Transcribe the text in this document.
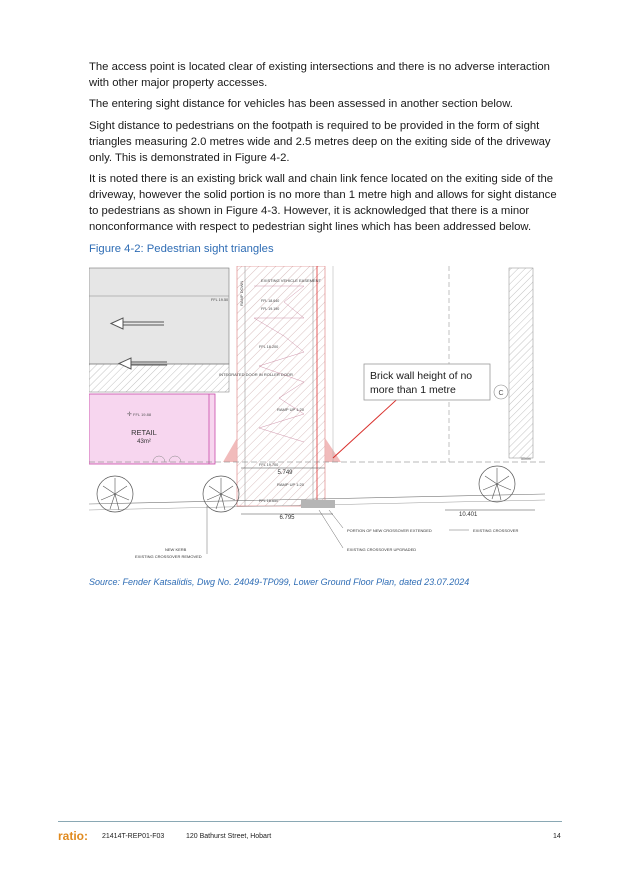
The access point is located clear of existing intersections and there is no adverse interaction with other major property accesses.

The entering sight distance for vehicles has been assessed in another section below.

Sight distance to pedestrians on the footpath is required to be provided in the form of sight triangles measuring 2.0 metres wide and 2.5 metres deep on the exiting side of the driveway only. This is demonstrated in Figure 4-2.

It is noted there is an existing brick wall and chain link fence located on the exiting side of the driveway, however the solid portion is no more than 1 metre high and allows for sight distance to pedestrians as shown in Figure 4-3. However, it is acknowledged that there is a minor nonconformance with respect to pedestrian sight lines which has been addressed below.

Figure 4-2: Pedestrian sight triangles

RETAIL
43m²
FFL 19.88
✛
RAMP DOWN
EXISTING VEHICLE EASEMENT
INTEGRATED DOOR IN ROLLER DOOR
RAMP UP 1:20
RAMP UP 1:20
FFL 19.50
FFL 18.200
FFL 19.700
FFL 18.650
C
50mm
5.749
6.795	10.401
PORTION OF NEW CROSSOVER EXTENDED
EXISTING CROSSOVER UPGRADED
EXISTING CROSSOVER
NEW KERB
EXISTING CROSSOVER REMOVED
Brick wall height of no
more than 1 metre
FFL 18.640
FFL 19.190

Source: Fender Katsalidis, Dwg No. 24049-TP099, Lower Ground Floor Plan, dated 23.07.2024

ratio: 21414T-REP01-F03	120 Bathurst Street, Hobart	14
